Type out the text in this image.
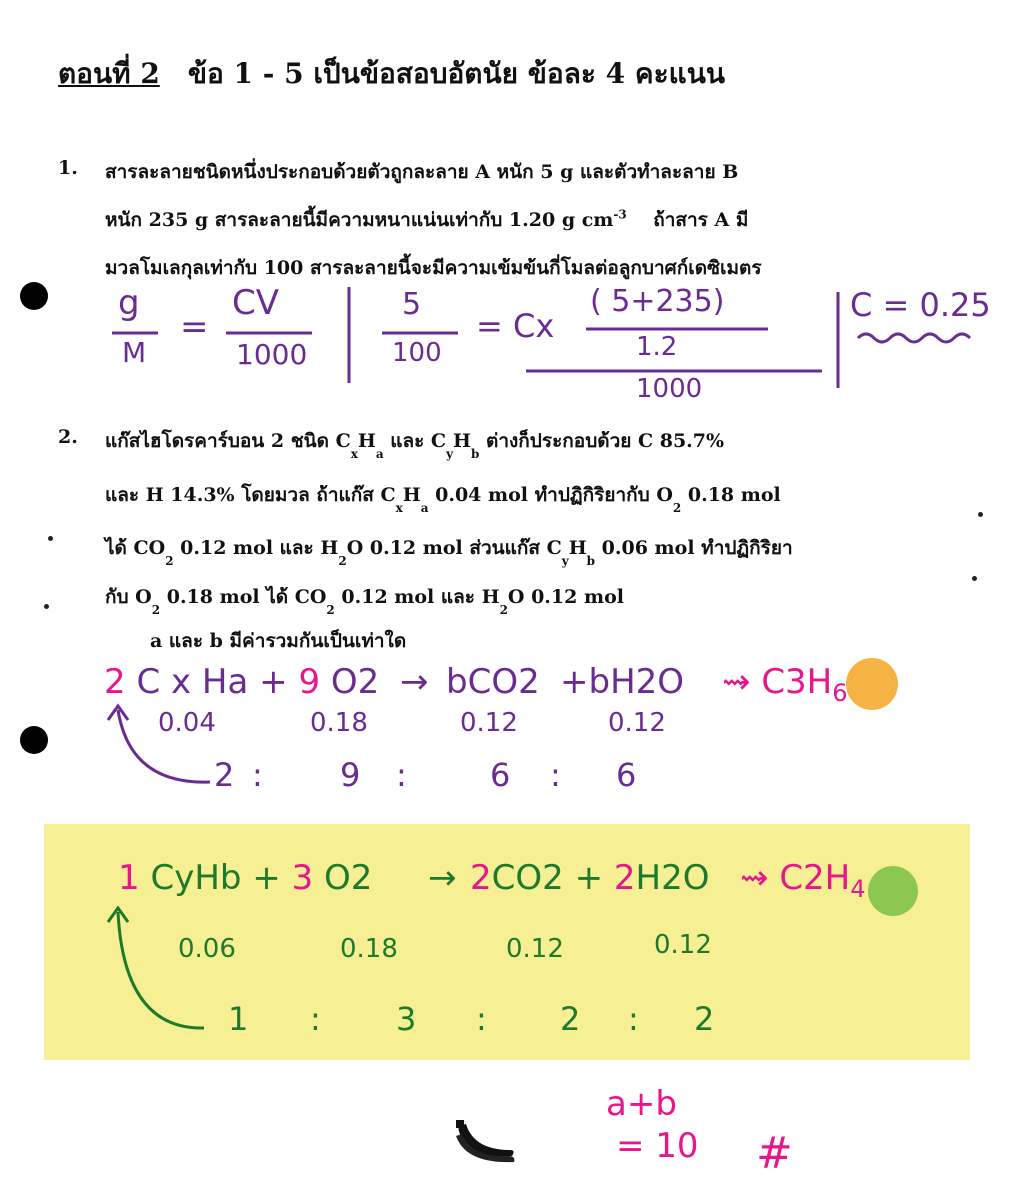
ตอนที่ 2 ข้อ 1 - 5 เป็นข้อสอบอัตนัย ข้อละ 4 คะแนน
1. สารละลายชนิดหนึ่งประกอบด้วยตัวถูกละลาย A หนัก 5 g และตัวทำละลาย B
หนัก 235 g สารละลายนี้มีความหนาแน่นเท่ากับ 1.20 g $cm^{-3}$ ถ้าสาร A มี
มวลโมเลกุลเท่ากับ 100 สารละลายนี้จะมีความเข้มข้นกี่โมลต่อลูกบาศก์เดซิเมตร
g
M
=
CV
1000
5
100
= Cx
( 5+235)
1.2
1000
C = 0.25
2. แก๊สไฮโดรคาร์บอน 2 ชนิด $C_xH_a$ และ $C_yH_b$ ต่างก็ประกอบด้วย C 85.7%
และ H 14.3% โดยมวล ถ้าแก๊ส $C_xH_a$ 0.04 mol ทำปฏิกิริยากับ $O_2$ 0.18 mol
ได้ $CO_2$ 0.12 mol และ $H_2O$ 0.12 mol ส่วนแก๊ส $C_yH_b$ 0.06 mol ทำปฏิกิริยา
กับ $O_2$ 0.18 mol ได้ $CO_2$ 0.12 mol และ $H_2O$ 0.12 mol
a และ b มีค่ารวมกันเป็นเท่าใด
2 C x Ha + 9 O2 → bCO2 +bH2O ⇝ $C3H_6$
0.04	0.18	0.12	0.12
2 : 9 :	6 : 6
1 CyHb + 3 O2 → 2CO2 + 2H2O ⇝ $C2H_4$
0.06	0.18	0.12	0.12
1 : 3 : 2 : 2
a+b
= 10 #
